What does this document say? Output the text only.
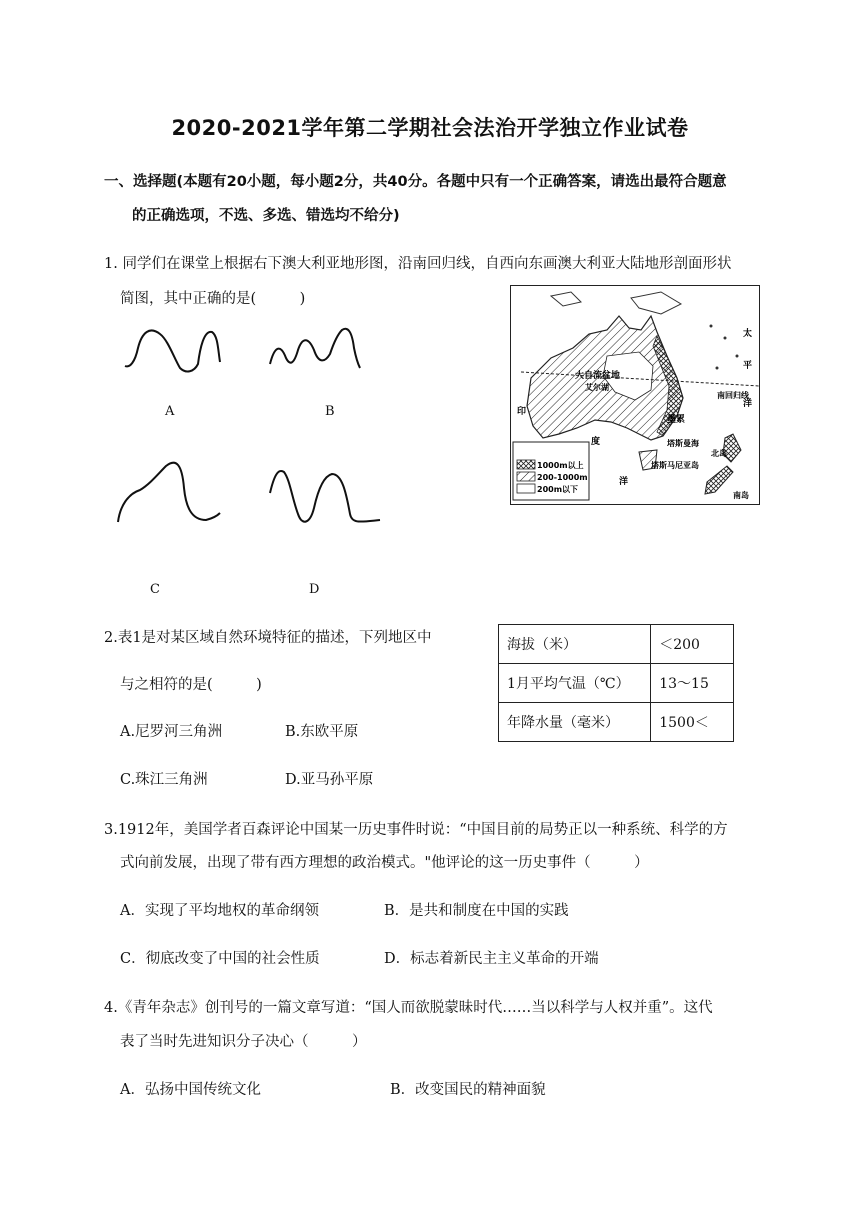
2020-2021学年第二学期社会法治开学独立作业试卷
一、选择题(本题有20小题，每小题2分，共40分。各题中只有一个正确答案，请选出最符合题意
的正确选项，不选、多选、错选均不给分)
1. 同学们在课堂上根据右下澳大利亚地形图，沿南回归线，自西向东画澳大利亚大陆地形剖面形状
简图，其中正确的是(　　　)
A	B
C	D
1000m以上
200-1000m
200m以下
大自流盆地
艾尔湖
南回归线
墨累
塔斯曼海
塔斯马尼亚岛
北岛
南岛
太
平
洋
印
度
洋
2.表1是对某区域自然环境特征的描述，下列地区中
与之相符的是(　　　)
A.尼罗河三角洲	B.东欧平原
C.珠江三角洲	D.亚马孙平原
海拔（米）	＜200
1月平均气温（℃）	13～15
年降水量（毫米）	1500＜
3.1912年，美国学者百森评论中国某一历史事件时说：“中国目前的局势正以一种系统、科学的方
式向前发展，出现了带有西方理想的政治模式。"他评论的这一历史事件（　　　）
A．实现了平均地权的革命纲领	B．是共和制度在中国的实践
C．彻底改变了中国的社会性质	D．标志着新民主主义革命的开端
4.《青年杂志》创刊号的一篇文章写道：“国人而欲脱蒙昧时代……当以科学与人权并重”。这代
表了当时先进知识分子决心（　　　）
A．弘扬中国传统文化	B．改变国民的精神面貌
